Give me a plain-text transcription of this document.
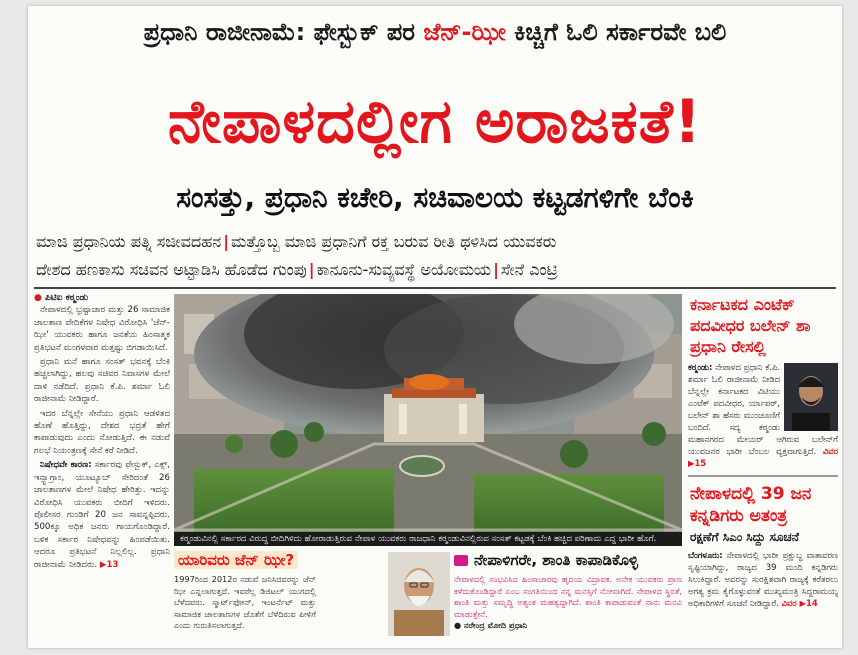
ಪ್ರಧಾನಿ ರಾಜೀನಾಮೆ: ಫೇಸ್ಬುಕ್ ಪರ ಜೆನ್-ಝೀ ಕಿಚ್ಚಿಗೆ ಓಲಿ ಸರ್ಕಾರವೇ ಬಲಿ
ನೇಪಾಳದಲ್ಲೀಗ ಅರಾಜಕತೆ!
ಸಂಸತ್ತು, ಪ್ರಧಾನಿ ಕಚೇರಿ, ಸಚಿವಾಲಯ ಕಟ್ಟಡಗಳಿಗೇ ಬೆಂಕಿ
ಮಾಜಿ ಪ್ರಧಾನಿಯ ಪತ್ನಿ ಸಜೀವದಹನ | ಮತ್ತೊಬ್ಬ ಮಾಜಿ ಪ್ರಧಾನಿಗೆ ರಕ್ತ ಬರುವ ರೀತಿ ಥಳಿಸಿದ ಯುವಕರು
ದೇಶದ ಹಣಕಾಸು ಸಚಿವನ ಅಟ್ಟಾಡಿಸಿ ಹೊಡೆದ ಗುಂಪು | ಕಾನೂನು-ಸುವ್ಯವಸ್ಥೆ ಅಯೋಮಯ | ಸೇನೆ ಎಂಟ್ರಿ
● ಪಿಟಿಐ ಕಠ್ಮಂಡು

ನೇಪಾಳದಲ್ಲಿ ಭ್ರಷ್ಟಾಚಾರ ಮತ್ತು 26 ಸಾಮಾಜಿಕ ಜಾಲತಾಣ ವೇದಿಕೆಗಳ ನಿಷೇಧ ವಿರೋಧಿಸಿ 'ಜೆನ್-ಝೀ' ಯುವಕರು ಹಾಗೂ ಜನತೆಯ ಹಿಂಸಾತ್ಮಕ ಪ್ರತಿಭಟನೆ ಮಂಗಳವಾರ ಮತ್ತಷ್ಟು ಬಿಗಡಾಯಿಸಿದೆ.

ಪ್ರಧಾನಿ ಮನೆ ಹಾಗೂ ಸಂಸತ್ ಭವನಕ್ಕೆ ಬೆಂಕಿ ಹಚ್ಚಲಾಗಿದ್ದು, ಹಲವು ಸಚಿವರ ನಿವಾಸಗಳ ಮೇಲೆ ದಾಳಿ ನಡೆದಿದೆ. ಪ್ರಧಾನಿ ಕೆ.ಪಿ. ಶರ್ಮಾ ಓಲಿ ರಾಜೀನಾಮೆ ನೀಡಿದ್ದಾರೆ.

ಇದರ ಬೆನ್ನಲ್ಲೇ ಸೇನೆಯು ಪ್ರಧಾನಿ ಆಡಳಿತದ ಹೊಣೆ ಹೊತ್ತಿದ್ದು, ದೇಶದ ಭದ್ರತೆ ಹೇಗೆ ಕಾಪಾಡುವುದು ಎಂದು ನೋಡುತ್ತಿದೆ. ಈ ನಡುವೆ ಗಲಭೆ ನಿಯಂತ್ರಣಕ್ಕೆ ಸೇನೆ ಕರೆ ನೀಡಿದೆ.

ನಿಷೇಧವೇ ಕಾರಣ: ಸರ್ಕಾರವು ಫೇಸ್ಬುಕ್, ಎಕ್ಸ್, ಇನ್ಸ್ಟಾಗ್ರಾಂ, ಯೂಟ್ಯೂಬ್ ಸೇರಿದಂತೆ 26 ಜಾಲತಾಣಗಳ ಮೇಲೆ ನಿಷೇಧ ಹೇರಿತ್ತು. ಇದನ್ನು ವಿರೋಧಿಸಿ ಯುವಕರು ಬೀದಿಗೆ ಇಳಿದರು. ಪೊಲೀಸರ ಗುಂಡಿಗೆ 20 ಜನ ಸಾವನ್ನಪ್ಪಿದರು. 500ಕ್ಕೂ ಅಧಿಕ ಜನರು ಗಾಯಗೊಂಡಿದ್ದಾರೆ. ಬಳಿಕ ಸರ್ಕಾರ ನಿಷೇಧವನ್ನು ಹಿಂಪಡೆಯಿತು. ಆದರೂ ಪ್ರತಿಭಟನೆ ನಿಲ್ಲಲಿಲ್ಲ. ಪ್ರಧಾನಿ ರಾಜೀನಾಮೆ ನೀಡಿದರು. ▶13

ಕಠ್ಮಂಡುವಿನಲ್ಲಿ ಸರ್ಕಾರದ ವಿರುದ್ಧ ಬೀದಿಗಿಳಿದು ಹೋರಾಡುತ್ತಿರುವ ನೇಪಾಳ ಯುವಕರು ರಾಜಧಾನಿ ಕಠ್ಮಂಡುವಿನಲ್ಲಿರುವ ಸಂಸತ್ ಕಟ್ಟಡಕ್ಕೆ ಬೆಂಕಿ ಹಚ್ಚಿದ ಪರಿಣಾಮ ಎದ್ದ ಭಾರೀ ಹೊಗೆ.
ಯಾರಿವರು ಜೆನ್ ಝೀ?
1997ರಿಂದ 2012ರ ನಡುವೆ ಜನಿಸಿದವರನ್ನು ಜೆನ್ ಝೀ ಎನ್ನಲಾಗುತ್ತದೆ. ಇವರೆಲ್ಲ ಡಿಜಿಟಲ್ ಯುಗದಲ್ಲಿ ಬೆಳೆದವರು. ಸ್ಮಾರ್ಟ್‌ಫೋನ್, ಇಂಟರ್ನೆಟ್ ಮತ್ತು ಸಾಮಾಜಿಕ ಜಾಲತಾಣಗಳ ಜೊತೆಗೆ ಬೆಳೆದಿರುವ ಪೀಳಿಗೆ ಎಂದು ಗುರುತಿಸಲಾಗುತ್ತದೆ.
ನೇಪಾಳಿಗರೇ, ಶಾಂತಿ ಕಾಪಾಡಿಕೊಳ್ಳಿ
ನೇಪಾಳದಲ್ಲಿ ಸಂಭವಿಸಿದ ಹಿಂಸಾಚಾರವು ಹೃದಯ ವಿದ್ರಾವಕ. ಅನೇಕ ಯುವಕರು ಪ್ರಾಣ ಕಳೆದುಕೊಂಡಿದ್ದಾರೆ ಎಂಬ ಸಂಗತಿಯಿಂದ ನನ್ನ ಮನಸ್ಸಿಗೆ ನೋವಾಗಿದೆ. ನೇಪಾಳದ ಸ್ಥಿರತೆ, ಶಾಂತಿ ಮತ್ತು ಸಮೃದ್ಧಿ ಅತ್ಯಂತ ಮಹತ್ವದ್ದಾಗಿದೆ. ಶಾಂತಿ ಕಾಪಾಡುವಂತೆ ನಾನು ಮನವಿ ಮಾಡುತ್ತೇನೆ.
● ನರೇಂದ್ರ ಮೋದಿ ಪ್ರಧಾನಿ
ಕರ್ನಾಟಕದ ಎಂಟೆಕ್ ಪದವೀಧರ ಬಲೇನ್ ಶಾ ಪ್ರಧಾನಿ ರೇಸಲ್ಲಿ
ಕಠ್ಮಂಡು: ನೇಪಾಳದ ಪ್ರಧಾನಿ ಕೆ.ಪಿ. ಶರ್ಮಾ ಓಲಿ ರಾಜೀನಾಮೆ ನೀಡಿದ ಬೆನ್ನಲ್ಲೇ ಕರ್ನಾಟಕದ ವಿಟಿಯು ಎಂಟೆಕ್ ಪದವೀಧರ, ರ್ಯಾಪರ್, ಬಲೇನ್ ಶಾ ಹೆಸರು ಮುಂಚೂಣಿಗೆ ಬಂದಿದೆ. ಸದ್ಯ ಕಠ್ಮಂಡು ಮಹಾನಗರದ ಮೇಯರ್ ಆಗಿರುವ ಬಲೇನ್‌ಗೆ ಯುವಜನರ ಭಾರೀ ಬೆಂಬಲ ವ್ಯಕ್ತವಾಗುತ್ತಿದೆ. ವಿವರ ▶15
ನೇಪಾಳದಲ್ಲಿ 39 ಜನ ಕನ್ನಡಿಗರು ಅತಂತ್ರ
ರಕ್ಷಣೆಗೆ ಸಿಎಂ ಸಿದ್ದು ಸೂಚನೆ
ಬೆಂಗಳೂರು: ನೇಪಾಳದಲ್ಲಿ ಭಾರೀ ಪ್ರಕ್ಷುಬ್ಧ ವಾತಾವರಣ ಸೃಷ್ಟಿಯಾಗಿದ್ದು, ರಾಜ್ಯದ 39 ಮಂದಿ ಕನ್ನಡಿಗರು ಸಿಲುಕಿದ್ದಾರೆ. ಅವರನ್ನು ಸುರಕ್ಷಿತವಾಗಿ ರಾಜ್ಯಕ್ಕೆ ಕರೆತರಲು ಅಗತ್ಯ ಕ್ರಮ ಕೈಗೊಳ್ಳುವಂತೆ ಮುಖ್ಯಮಂತ್ರಿ ಸಿದ್ದರಾಮಯ್ಯ ಅಧಿಕಾರಿಗಳಿಗೆ ಸೂಚನೆ ನೀಡಿದ್ದಾರೆ. ವಿವರ ▶14
